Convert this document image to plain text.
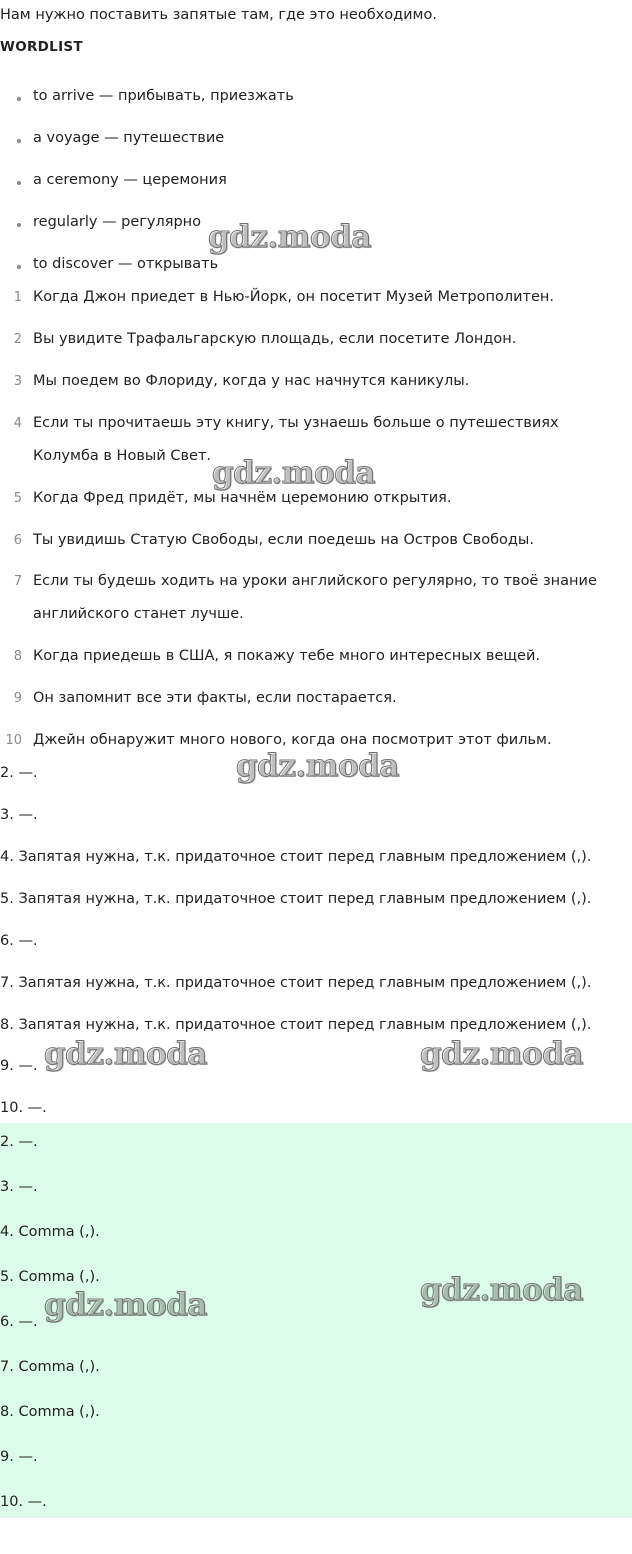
Нам нужно поставить запятые там, где это необходимо.
WORDLIST
to arrive — прибывать, приезжать
a voyage — путешествие
a ceremony — церемония
regularly — регулярно
to discover — открывать
1 Когда Джон приедет в Нью-Йорк, он посетит Музей Метрополитен.
2 Вы увидите Трафальгарскую площадь, если посетите Лондон.
3 Мы поедем во Флориду, когда у нас начнутся каникулы.
4 Если ты прочитаешь эту книгу, ты узнаешь больше о путешествиях
Колумба в Новый Свет.
5 Когда Фред придёт, мы начнём церемонию открытия.
6 Ты увидишь Статую Свободы, если поедешь на Остров Свободы.
7 Если ты будешь ходить на уроки английского регулярно, то твоё знание
английского станет лучше.
8 Когда приедешь в США, я покажу тебе много интересных вещей.
9 Он запомнит все эти факты, если постарается.
10 Джейн обнаружит много нового, когда она посмотрит этот фильм.
2. —.
3. —.
4. Запятая нужна, т.к. придаточное стоит перед главным предложением (,).
5. Запятая нужна, т.к. придаточное стоит перед главным предложением (,).
6. —.
7. Запятая нужна, т.к. придаточное стоит перед главным предложением (,).
8. Запятая нужна, т.к. придаточное стоит перед главным предложением (,).
9. —.
10. —.
2. —.
3. —.
4. Comma (,).
5. Comma (,).
6. —.
7. Comma (,).
8. Comma (,).
9. —.
10. —.
gdz.moda
gdz.moda
gdz.moda
gdz.moda	gdz.moda
gdz.moda
gdz.moda
